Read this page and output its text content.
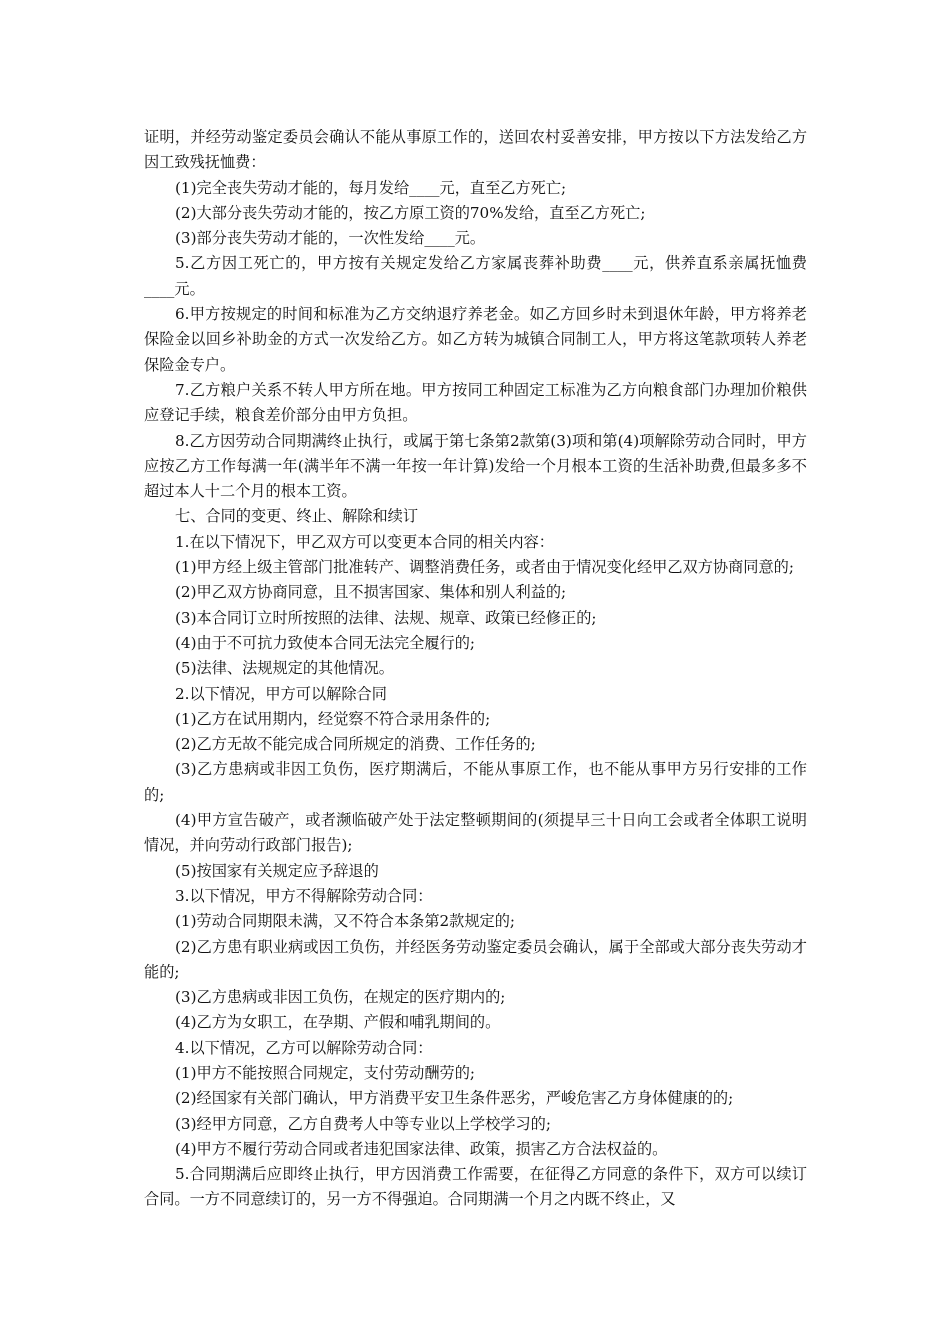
证明，并经劳动鉴定委员会确认不能从事原工作的，送回农村妥善安排，甲方按以下方法发给乙方因工致残抚恤费：

(1)完全丧失劳动才能的，每月发给____元，直至乙方死亡;

(2)大部分丧失劳动才能的，按乙方原工资的70%发给，直至乙方死亡;

(3)部分丧失劳动才能的，一次性发给____元。

5.乙方因工死亡的，甲方按有关规定发给乙方家属丧葬补助费____元，供养直系亲属抚恤费____元。

6.甲方按规定的时间和标准为乙方交纳退疗养老金。如乙方回乡时未到退休年龄，甲方将养老保险金以回乡补助金的方式一次发给乙方。如乙方转为城镇合同制工人，甲方将这笔款项转人养老保险金专户。

7.乙方粮户关系不转人甲方所在地。甲方按同工种固定工标准为乙方向粮食部门办理加价粮供应登记手续，粮食差价部分由甲方负担。

8.乙方因劳动合同期满终止执行，或属于第七条第2款第(3)项和第(4)项解除劳动合同时，甲方应按乙方工作每满一年(满半年不满一年按一年计算)发给一个月根本工资的生活补助费,但最多多不超过本人十二个月的根本工资。

七、合同的变更、终止、解除和续订

1.在以下情况下，甲乙双方可以变更本合同的相关内容：

(1)甲方经上级主管部门批准转产、调整消费任务，或者由于情况变化经甲乙双方协商同意的;

(2)甲乙双方协商同意，且不损害国家、集体和别人利益的;

(3)本合同订立时所按照的法律、法规、规章、政策已经修正的;

(4)由于不可抗力致使本合同无法完全履行的;

(5)法律、法规规定的其他情况。

2.以下情况，甲方可以解除合同

(1)乙方在试用期内，经觉察不符合录用条件的;

(2)乙方无故不能完成合同所规定的消费、工作任务的;

(3)乙方患病或非因工负伤，医疗期满后，不能从事原工作，也不能从事甲方另行安排的工作的;

(4)甲方宣告破产，或者濒临破产处于法定整顿期间的(须提早三十日向工会或者全体职工说明情况，并向劳动行政部门报告);

(5)按国家有关规定应予辞退的

3.以下情况，甲方不得解除劳动合同：

(1)劳动合同期限未满，又不符合本条第2款规定的;

(2)乙方患有职业病或因工负伤，并经医务劳动鉴定委员会确认，属于全部或大部分丧失劳动才能的;

(3)乙方患病或非因工负伤，在规定的医疗期内的;

(4)乙方为女职工，在孕期、产假和哺乳期间的。

4.以下情况，乙方可以解除劳动合同：

(1)甲方不能按照合同规定，支付劳动酬劳的;

(2)经国家有关部门确认，甲方消费平安卫生条件恶劣，严峻危害乙方身体健康的的;

(3)经甲方同意，乙方自费考人中等专业以上学校学习的;

(4)甲方不履行劳动合同或者违犯国家法律、政策，损害乙方合法权益的。

5.合同期满后应即终止执行，甲方因消费工作需要，在征得乙方同意的条件下，双方可以续订合同。一方不同意续订的，另一方不得强迫。合同期满一个月之内既不终止，又
